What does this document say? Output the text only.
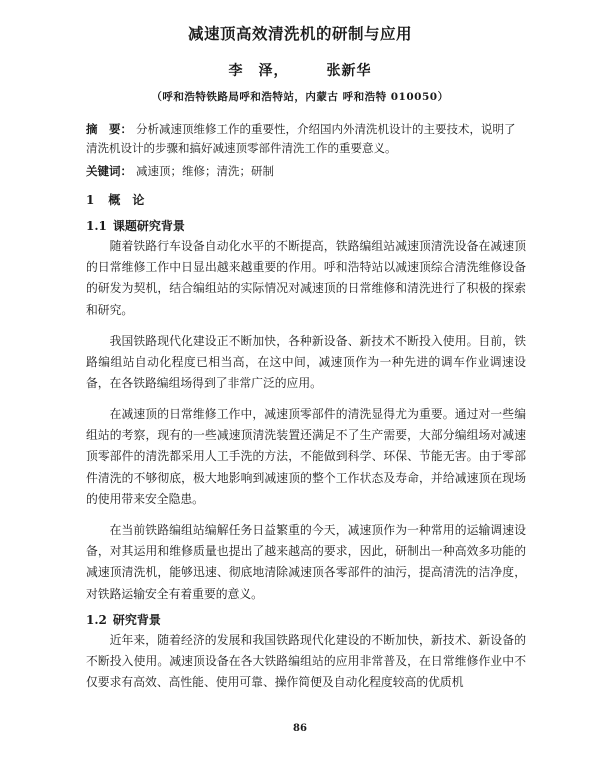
减速顶高效清洗机的研制与应用
李　泽，	张新华
（呼和浩特铁路局呼和浩特站，内蒙古 呼和浩特 010050）
摘　要： 分析减速顶维修工作的重要性，介绍国内外清洗机设计的主要技术，说明了清洗机设计的步骤和搞好减速顶零部件清洗工作的重要意义。
关键词： 减速顶；维修；清洗；研制
1 概　论
1.1 课题研究背景
随着铁路行车设备自动化水平的不断提高，铁路编组站减速顶清洗设备在减速顶的日常维修工作中日显出越来越重要的作用。呼和浩特站以减速顶综合清洗维修设备的研发为契机，结合编组站的实际情况对减速顶的日常维修和清洗进行了积极的探索和研究。
我国铁路现代化建设正不断加快，各种新设备、新技术不断投入使用。目前，铁路编组站自动化程度已相当高，在这中间，减速顶作为一种先进的调车作业调速设备，在各铁路编组场得到了非常广泛的应用。
在减速顶的日常维修工作中，减速顶零部件的清洗显得尤为重要。通过对一些编组站的考察，现有的一些减速顶清洗装置还满足不了生产需要，大部分编组场对减速顶零部件的清洗都采用人工手洗的方法，不能做到科学、环保、节能无害。由于零部件清洗的不够彻底，极大地影响到减速顶的整个工作状态及寿命，并给减速顶在现场的使用带来安全隐患。
在当前铁路编组站编解任务日益繁重的今天，减速顶作为一种常用的运输调速设备，对其运用和维修质量也提出了越来越高的要求，因此，研制出一种高效多功能的减速顶清洗机，能够迅速、彻底地清除减速顶各零部件的油污，提高清洗的洁净度，对铁路运输安全有着重要的意义。
1.2 研究背景
近年来，随着经济的发展和我国铁路现代化建设的不断加快，新技术、新设备的不断投入使用。减速顶设备在各大铁路编组站的应用非常普及，在日常维修作业中不仅要求有高效、高性能、使用可靠、操作简便及自动化程度较高的优质机
86
